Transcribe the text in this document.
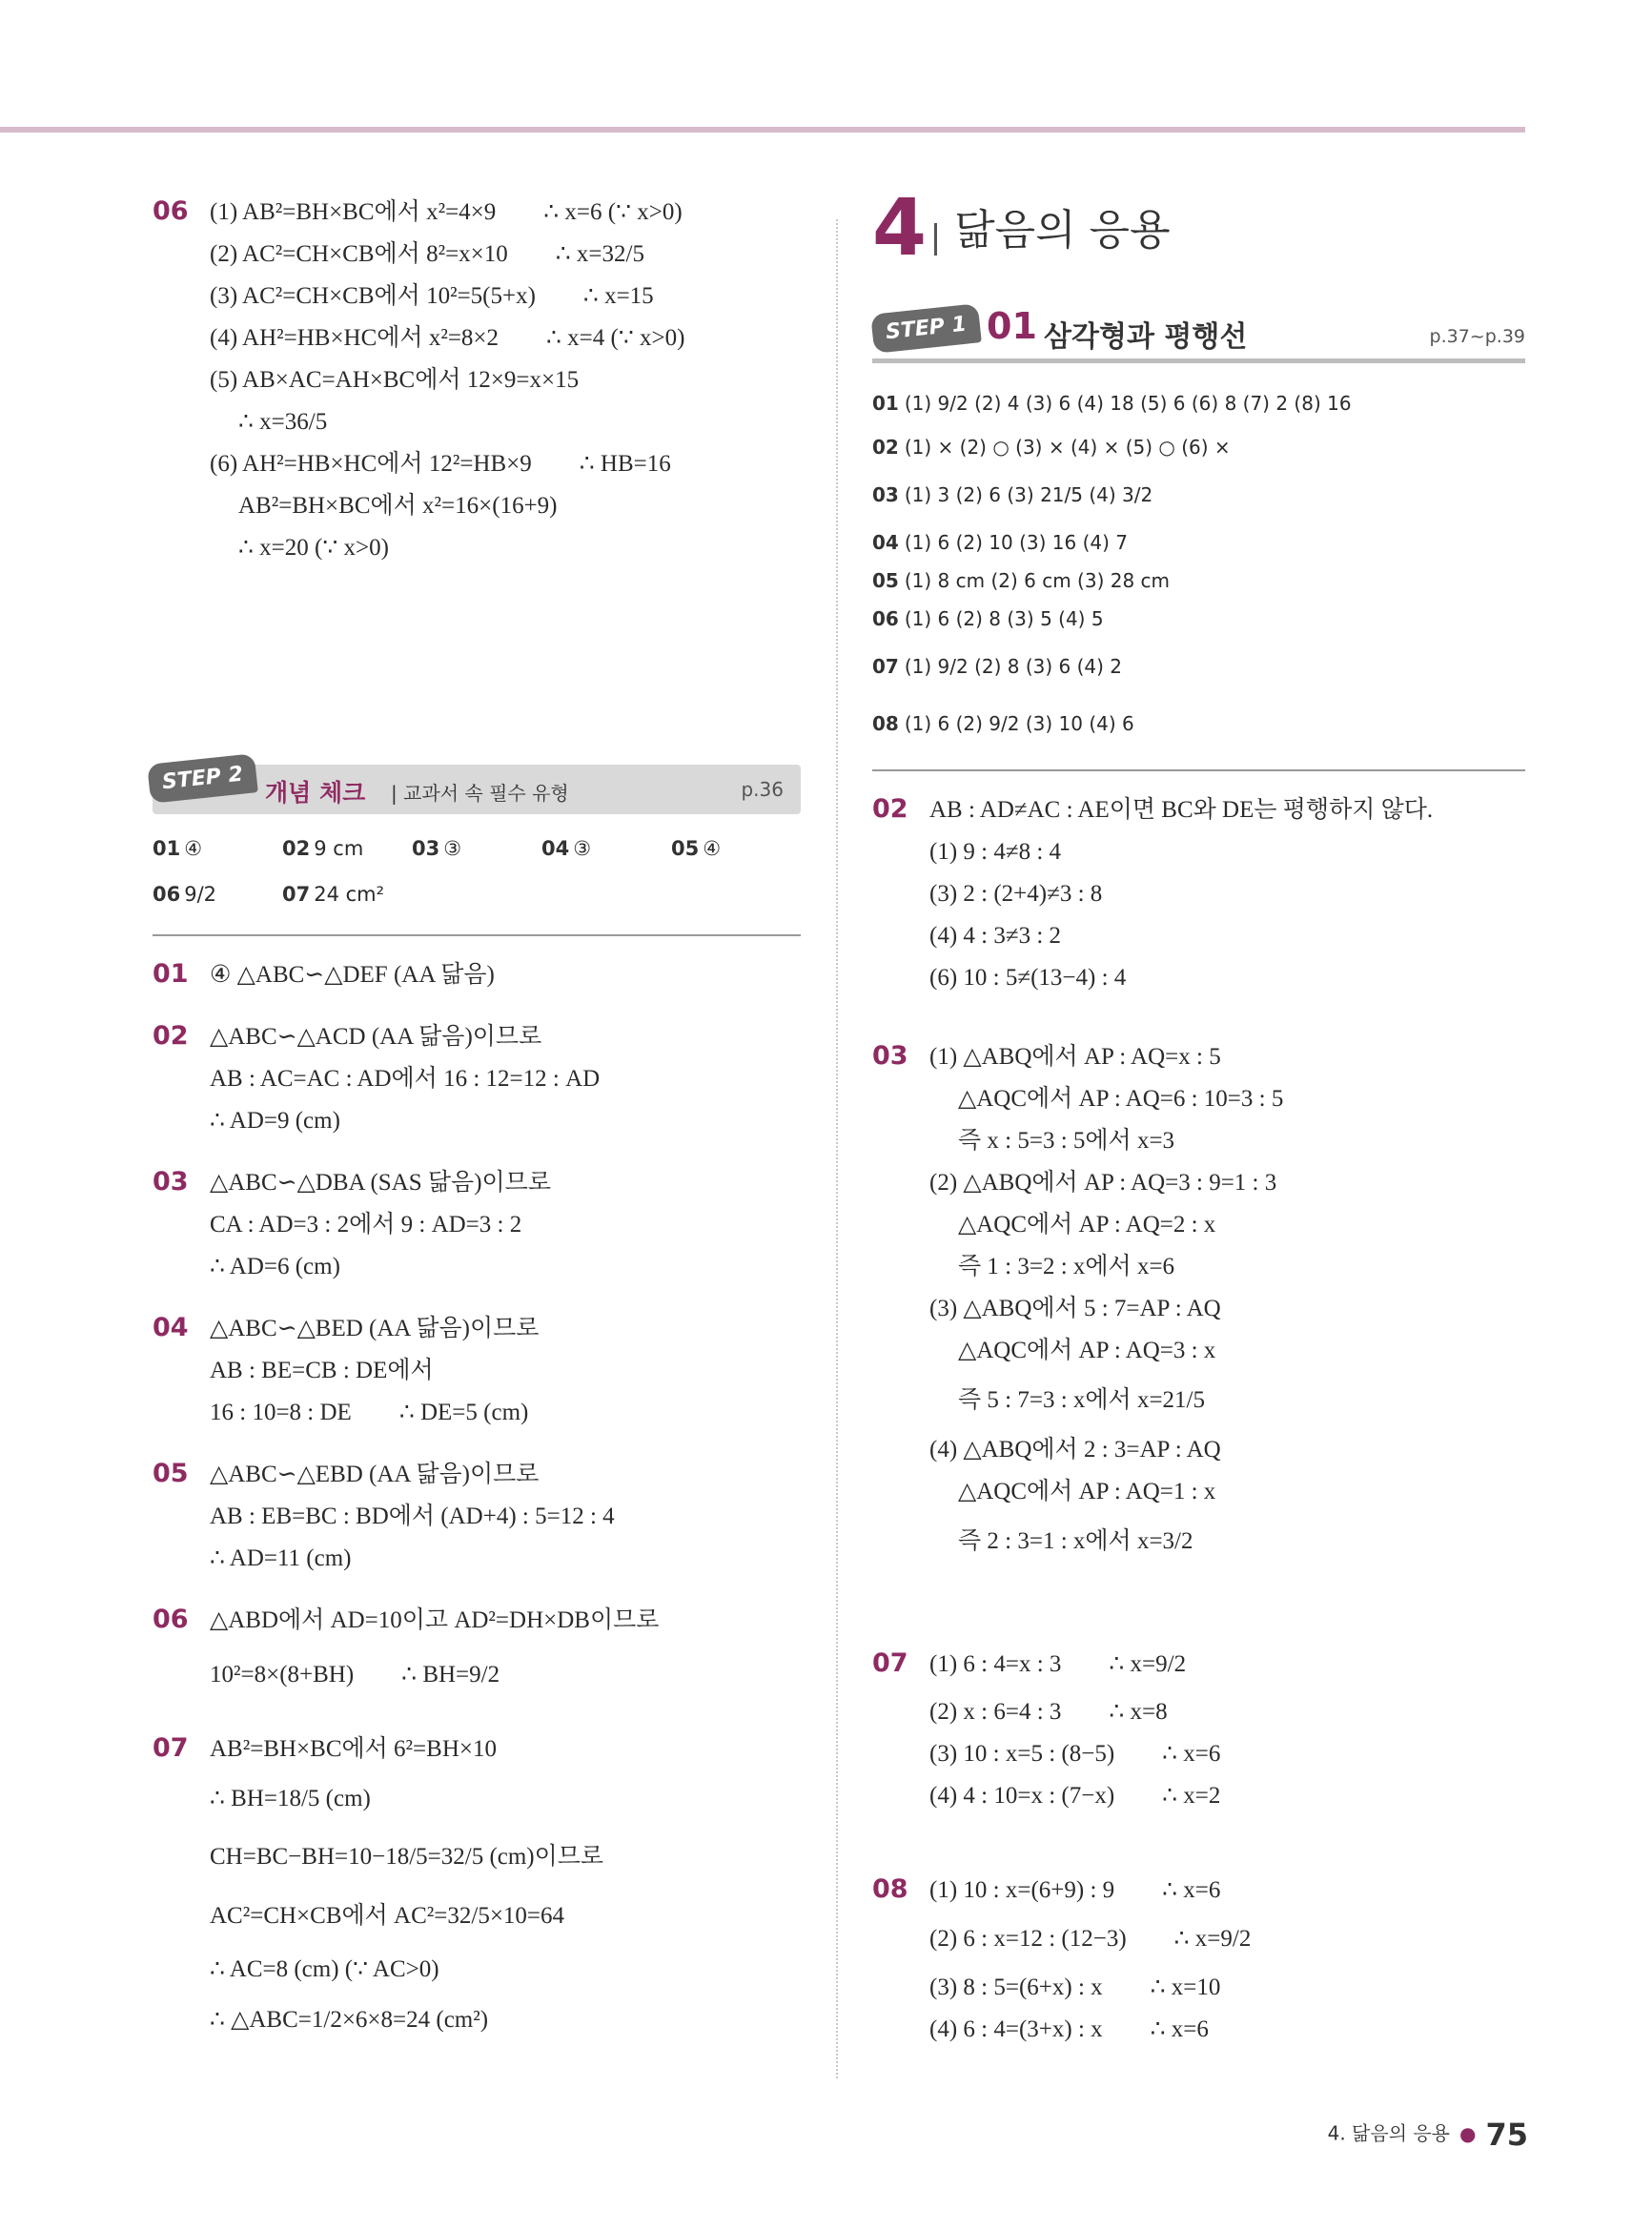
06 (1) AB²=BH×BC에서 x²=4×9        ∴ x=6 (∵ x>0)
(2) AC²=CH×CB에서 8²=x×10        ∴ x=32/5
(3) AC²=CH×CB에서 10²=5(5+x)        ∴ x=15
(4) AH²=HB×HC에서 x²=8×2        ∴ x=4 (∵ x>0)
(5) AB×AC=AH×BC에서 12×9=x×15
∴ x=36/5
(6) AH²=HB×HC에서 12²=HB×9        ∴ HB=16
AB²=BH×BC에서 x²=16×(16+9)
∴ x=20 (∵ x>0)
STEP 2 개념 체크 | 교과서 속 필수 유형	p.36
01 ④	02 9 cm	03 ③	04 ③	05 ④
06 9/2	07 24 cm²
01 ④ △ABC∽△DEF (AA 닮음)
02 △ABC∽△ACD (AA 닮음)이므로
AB : AC=AC : AD에서 16 : 12=12 : AD
∴ AD=9 (cm)
03 △ABC∽△DBA (SAS 닮음)이므로
CA : AD=3 : 2에서 9 : AD=3 : 2
∴ AD=6 (cm)
04 △ABC∽△BED (AA 닮음)이므로
AB : BE=CB : DE에서
16 : 10=8 : DE        ∴ DE=5 (cm)
05 △ABC∽△EBD (AA 닮음)이므로
AB : EB=BC : BD에서 (AD+4) : 5=12 : 4
∴ AD=11 (cm)
06 △ABD에서 AD=10이고 AD²=DH×DB이므로
10²=8×(8+BH)        ∴ BH=9/2
07 AB²=BH×BC에서 6²=BH×10
∴ BH=18/5 (cm)
CH=BC−BH=10−18/5=32/5 (cm)이므로
AC²=CH×CB에서 AC²=32/5×10=64
∴ AC=8 (cm) (∵ AC>0)
∴ △ABC=1/2×6×8=24 (cm²)
4 닮음의 응용
STEP 1 01 삼각형과 평행선	p.37~p.39
01 (1) 9/2 (2) 4 (3) 6 (4) 18 (5) 6 (6) 8 (7) 2 (8) 16
02 (1) × (2) ○ (3) × (4) × (5) ○ (6) ×
03 (1) 3 (2) 6 (3) 21/5 (4) 3/2
04 (1) 6 (2) 10 (3) 16 (4) 7
05 (1) 8 cm (2) 6 cm (3) 28 cm
06 (1) 6 (2) 8 (3) 5 (4) 5
07 (1) 9/2 (2) 8 (3) 6 (4) 2
08 (1) 6 (2) 9/2 (3) 10 (4) 6
02 AB : AD≠AC : AE이면 BC와 DE는 평행하지 않다.
(1) 9 : 4≠8 : 4
(3) 2 : (2+4)≠3 : 8
(4) 4 : 3≠3 : 2
(6) 10 : 5≠(13−4) : 4
03 (1) △ABQ에서 AP : AQ=x : 5
△AQC에서 AP : AQ=6 : 10=3 : 5
즉 x : 5=3 : 5에서 x=3
(2) △ABQ에서 AP : AQ=3 : 9=1 : 3
△AQC에서 AP : AQ=2 : x
즉 1 : 3=2 : x에서 x=6
(3) △ABQ에서 5 : 7=AP : AQ
△AQC에서 AP : AQ=3 : x
즉 5 : 7=3 : x에서 x=21/5
(4) △ABQ에서 2 : 3=AP : AQ
△AQC에서 AP : AQ=1 : x
즉 2 : 3=1 : x에서 x=3/2
07 (1) 6 : 4=x : 3        ∴ x=9/2
(2) x : 6=4 : 3        ∴ x=8
(3) 10 : x=5 : (8−5)        ∴ x=6
(4) 4 : 10=x : (7−x)        ∴ x=2
08 (1) 10 : x=(6+9) : 9        ∴ x=6
(2) 6 : x=12 : (12−3)        ∴ x=9/2
(3) 8 : 5=(6+x) : x        ∴ x=10
(4) 6 : 4=(3+x) : x        ∴ x=6
4. 닮음의 응용 ● 75
